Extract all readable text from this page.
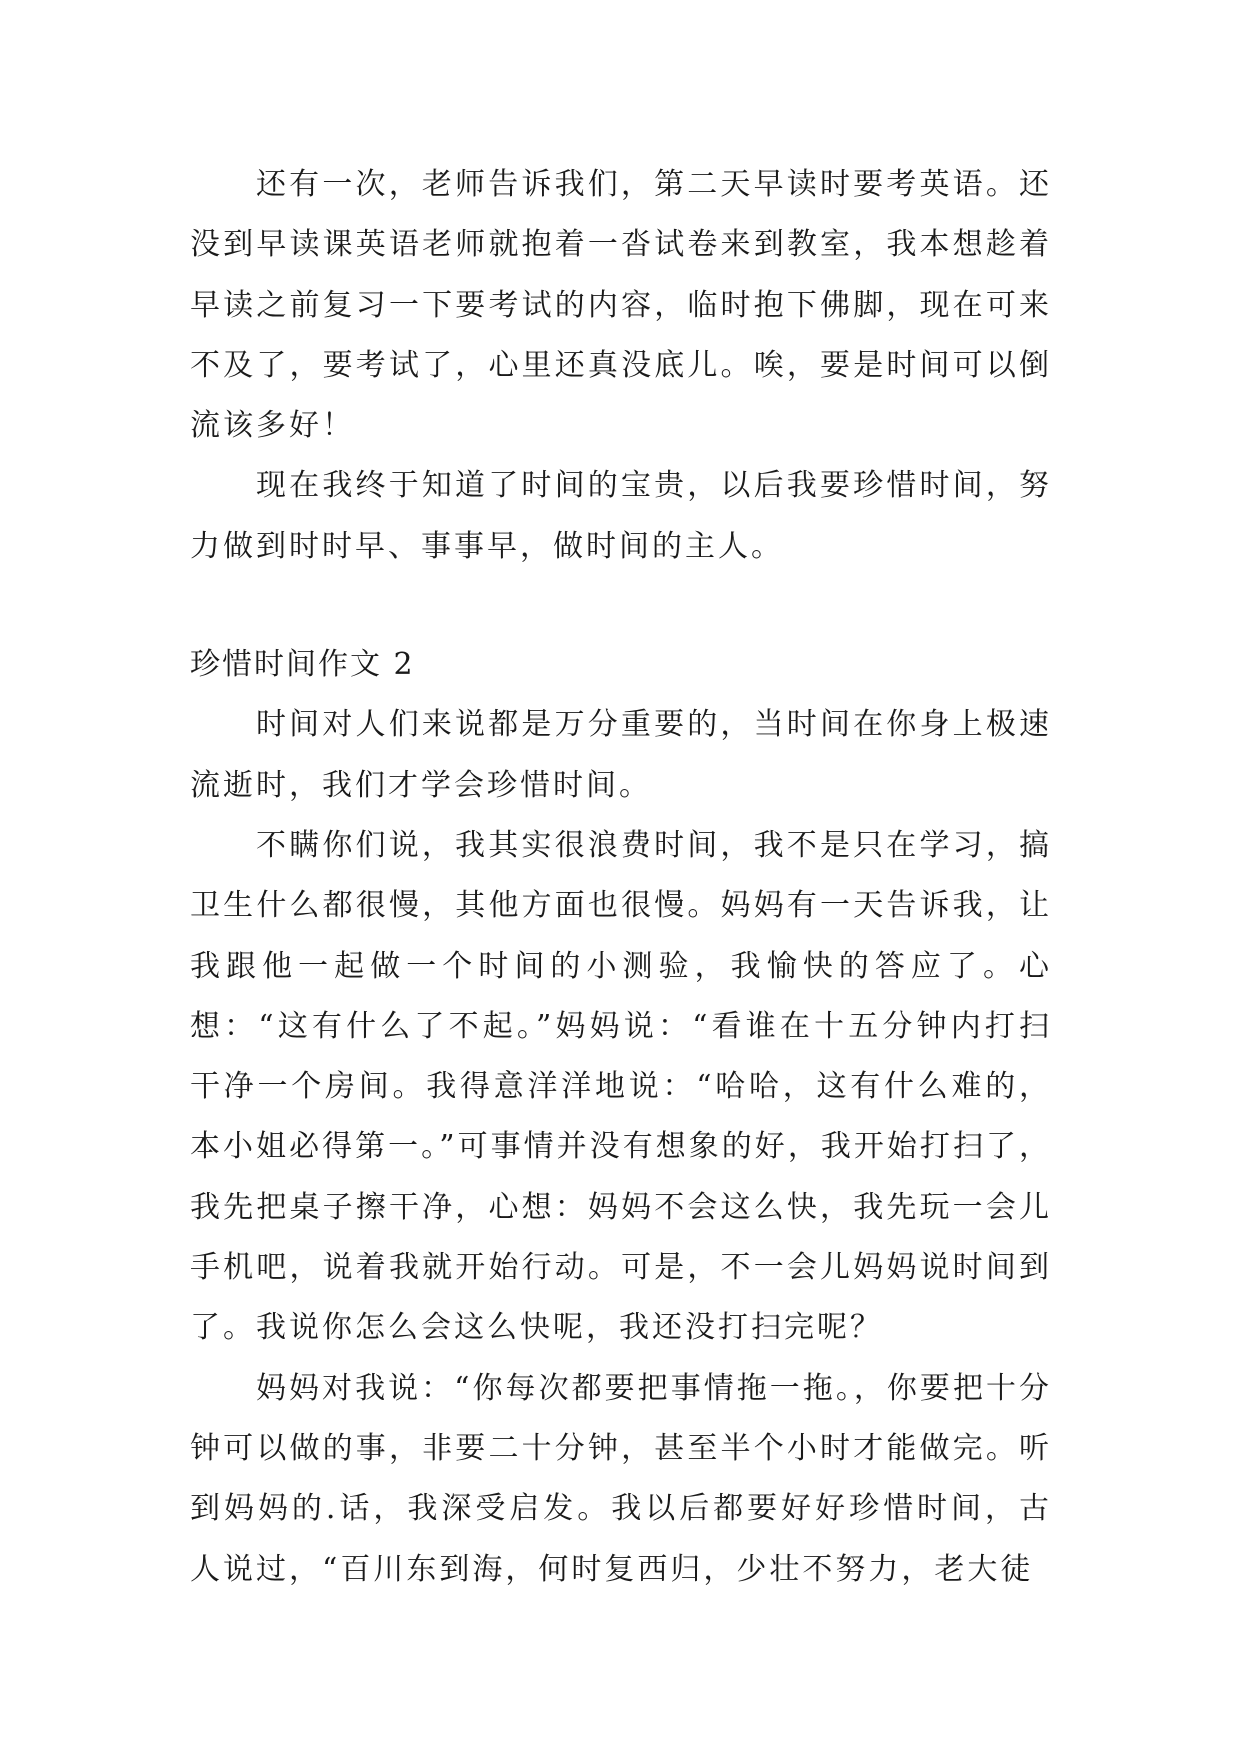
还有一次，老师告诉我们，第二天早读时要考英语。还没到早读课英语老师就抱着一沓试卷来到教室，我本想趁着早读之前复习一下要考试的内容，临时抱下佛脚，现在可来不及了，要考试了，心里还真没底儿。唉，要是时间可以倒流该多好！

现在我终于知道了时间的宝贵，以后我要珍惜时间，努力做到时时早、事事早，做时间的主人。

珍惜时间作文 2

时间对人们来说都是万分重要的，当时间在你身上极速流逝时，我们才学会珍惜时间。

不瞒你们说，我其实很浪费时间，我不是只在学习，搞卫生什么都很慢，其他方面也很慢。妈妈有一天告诉我，让我跟他一起做一个时间的小测验，我愉快的答应了。心想：“这有什么了不起。”妈妈说：“看谁在十五分钟内打扫干净一个房间。我得意洋洋地说：“哈哈，这有什么难的，本小姐必得第一。”可事情并没有想象的好，我开始打扫了，我先把桌子擦干净，心想：妈妈不会这么快，我先玩一会儿手机吧，说着我就开始行动。可是，不一会儿妈妈说时间到了。我说你怎么会这么快呢，我还没打扫完呢？

妈妈对我说：“你每次都要把事情拖一拖。，你要把十分钟可以做的事，非要二十分钟，甚至半个小时才能做完。听到妈妈的.话，我深受启发。我以后都要好好珍惜时间，古人说过，“百川东到海，何时复西归，少壮不努力，老大徒
